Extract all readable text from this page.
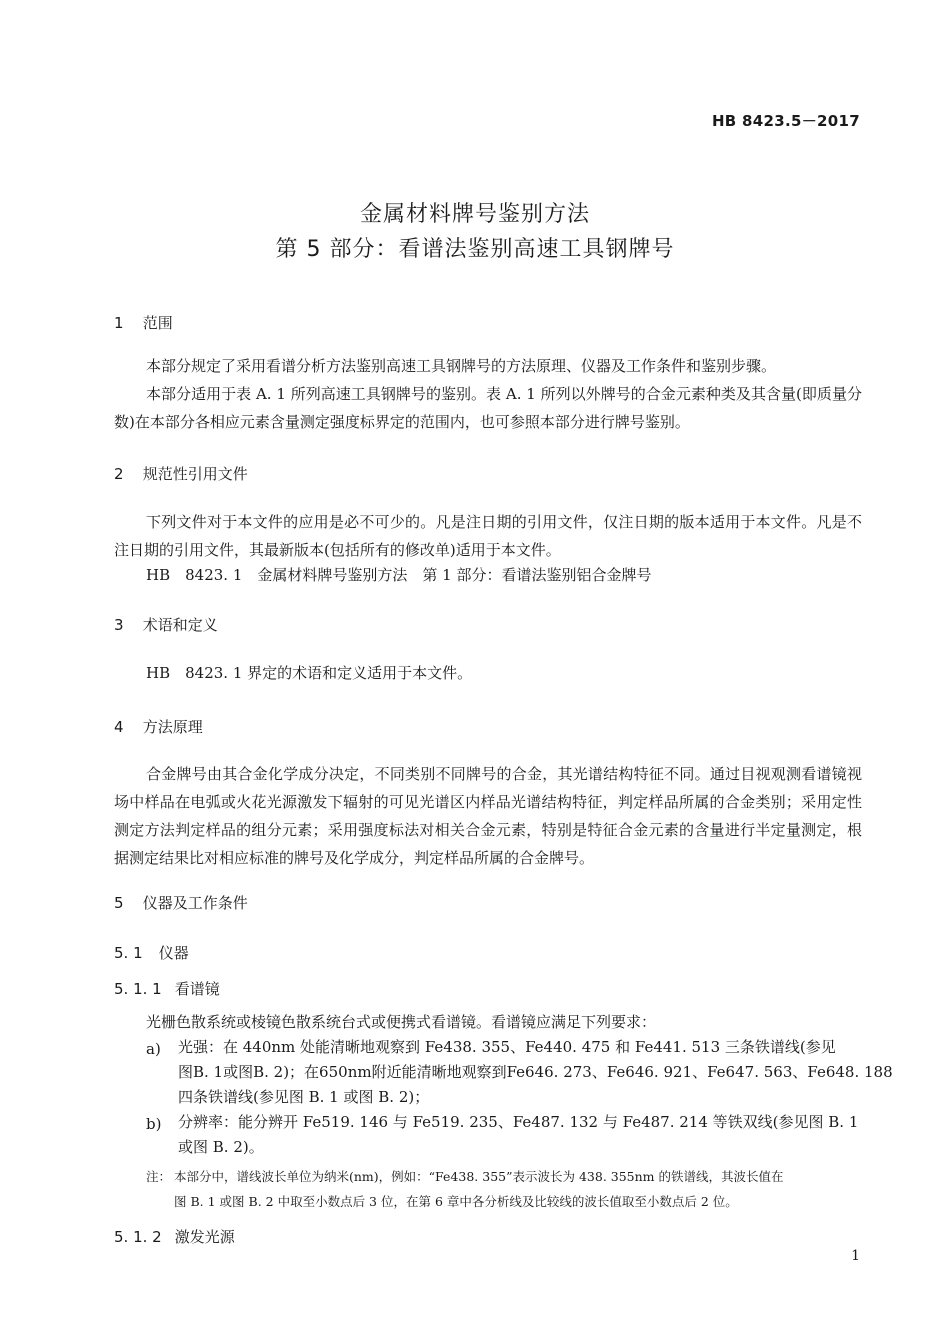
HB 8423.5－2017
金属材料牌号鉴别方法
第 5 部分：看谱法鉴别高速工具钢牌号
1 范围

本部分规定了采用看谱分析方法鉴别高速工具钢牌号的方法原理、仪器及工作条件和鉴别步骤。

本部分适用于表 A. 1 所列高速工具钢牌号的鉴别。表 A. 1 所列以外牌号的合金元素种类及其含量(即质量分数)在本部分各相应元素含量测定强度标界定的范围内，也可参照本部分进行牌号鉴别。

2 规范性引用文件

下列文件对于本文件的应用是必不可少的。凡是注日期的引用文件，仅注日期的版本适用于本文件。凡是不注日期的引用文件，其最新版本(包括所有的修改单)适用于本文件。

HB　8423. 1　 金属材料牌号鉴别方法　第 1 部分：看谱法鉴别铝合金牌号
3 术语和定义
HB　8423. 1 界定的术语和定义适用于本文件。
4 方法原理

合金牌号由其合金化学成分决定，不同类别不同牌号的合金，其光谱结构特征不同。通过目视观测看谱镜视场中样品在电弧或火花光源激发下辐射的可见光谱区内样品光谱结构特征，判定样品所属的合金类别；采用定性测定方法判定样品的组分元素；采用强度标法对相关合金元素，特别是特征合金元素的含量进行半定量测定，根据测定结果比对相应标准的牌号及化学成分，判定样品所属的合金牌号。

5 仪器及工作条件
5. 1 仪器
5. 1. 1 看谱镜
光栅色散系统或棱镜色散系统台式或便携式看谱镜。看谱镜应满足下列要求：
a) 光强：在 440nm 处能清晰地观察到 Fe438. 355、Fe440. 475 和 Fe441. 513 三条铁谱线(参见
图B. 1或图B. 2)；在650nm附近能清晰地观察到Fe646. 273、Fe646. 921、Fe647. 563、Fe648. 188
四条铁谱线(参见图 B. 1 或图 B. 2)；
b) 分辨率：能分辨开 Fe519. 146 与 Fe519. 235、Fe487. 132 与 Fe487. 214 等铁双线(参见图 B. 1
或图 B. 2)。
注： 本部分中，谱线波长单位为纳米(nm)，例如：“Fe438. 355”表示波长为 438. 355nm 的铁谱线，其波长值在
图 B. 1 或图 B. 2 中取至小数点后 3 位，在第 6 章中各分析线及比较线的波长值取至小数点后 2 位。
5. 1. 2 激发光源
1
